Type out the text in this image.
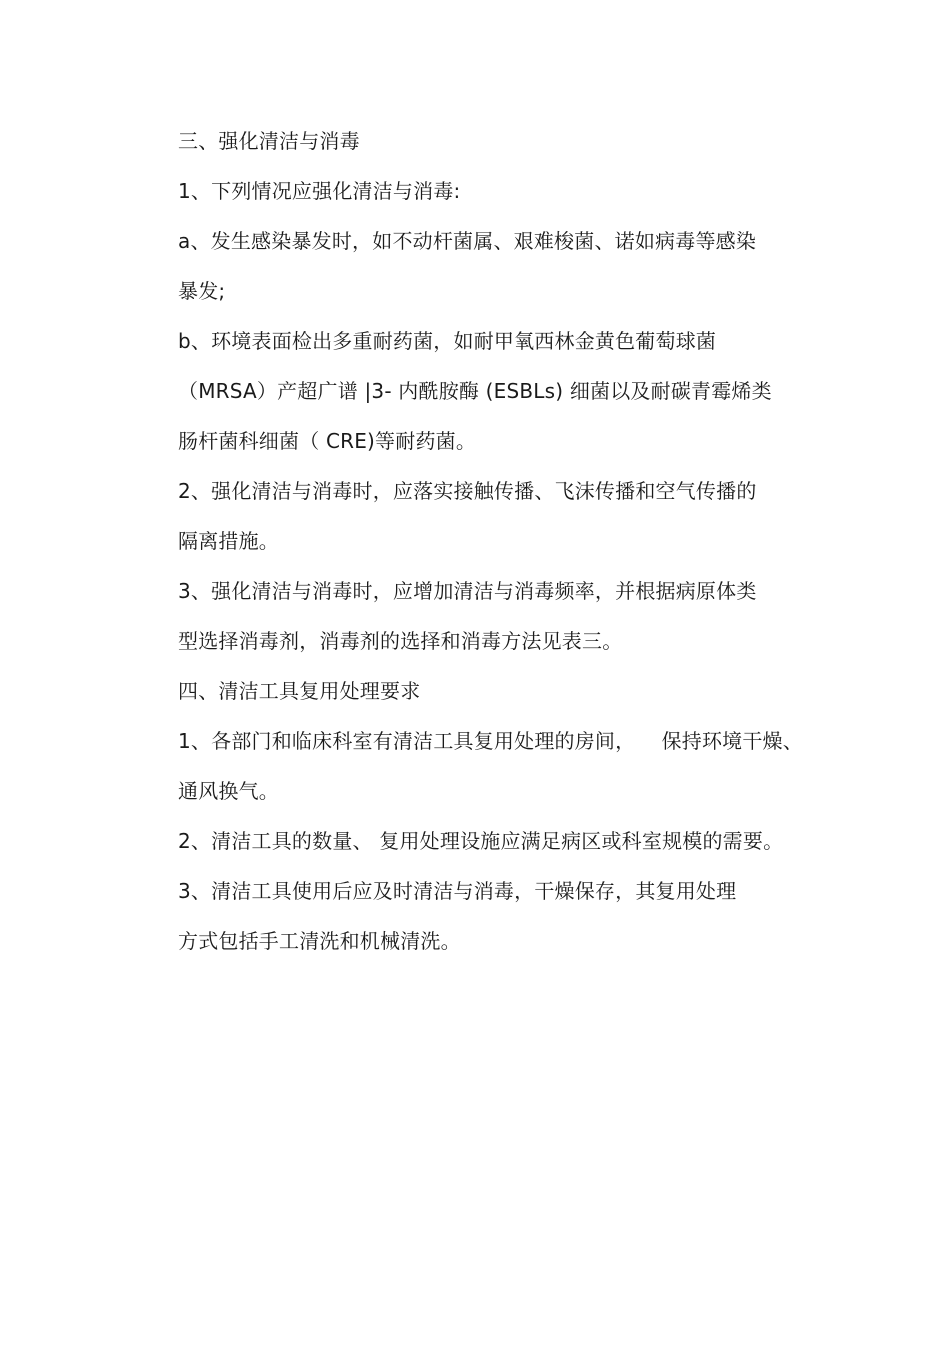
三、强化清洁与消毒

1、下列情况应强化清洁与消毒:

a、发生感染暴发时，如不动杆菌属、艰难梭菌、诺如病毒等感染

暴发;

b、环境表面检出多重耐药菌，如耐甲氧西林金黄色葡萄球菌

（MRSA）产超广谱 |3- 内酰胺酶 (ESBLs) 细菌以及耐碳青霉烯类

肠杆菌科细菌（ CRE)等耐药菌。

2、强化清洁与消毒时，应落实接触传播、飞沫传播和空气传播的

隔离措施。

3、强化清洁与消毒时，应增加清洁与消毒频率，并根据病原体类

型选择消毒剂，消毒剂的选择和消毒方法见表三。

四、清洁工具复用处理要求

1、各部门和临床科室有清洁工具复用处理的房间，    保持环境干燥、

通风换气。

2、清洁工具的数量、 复用处理设施应满足病区或科室规模的需要。

3、清洁工具使用后应及时清洁与消毒，干燥保存，其复用处理

方式包括手工清洗和机械清洗。
